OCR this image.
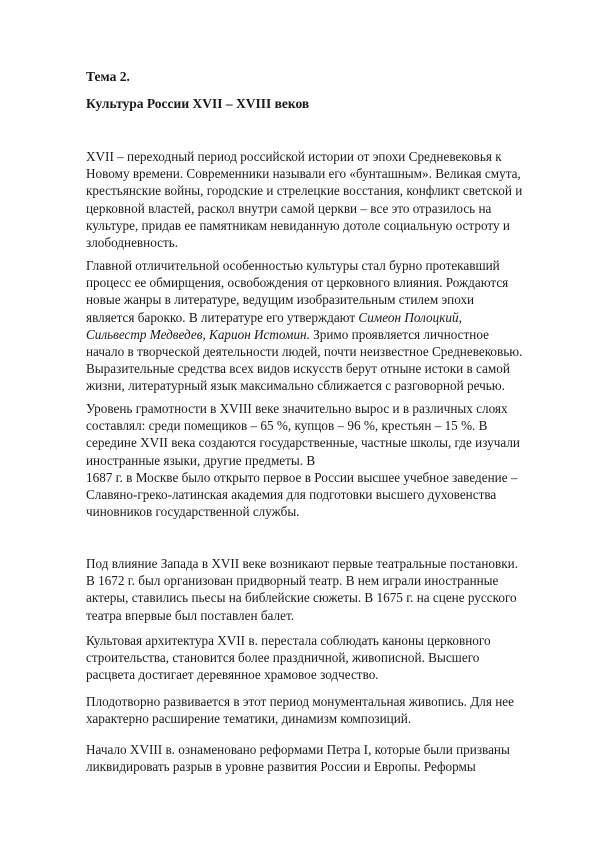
Тема 2.
Культура России XVII – XVIII веков
XVII – переходный период российской истории от эпохи Средневековья к
Новому времени. Современники называли его «бунташным». Великая смута,
крестьянские войны, городские и стрелецкие восстания, конфликт светской и
церковной властей, раскол внутри самой церкви – все это отразилось на
культуре, придав ее памятникам невиданную дотоле социальную остроту и
злободневность.
Главной отличительной особенностью культуры стал бурно протекавший
процесс ее обмирщения, освобождения от церковного влияния. Рождаются
новые жанры в литературе, ведущим изобразительным стилем эпохи
является барокко. В литературе его утверждают Симеон Полоцкий,
Сильвестр Медведев, Карион Истомин. Зримо проявляется личностное
начало в творческой деятельности людей, почти неизвестное Средневековью.
Выразительные средства всех видов искусств берут отныне истоки в самой
жизни, литературный язык максимально сближается с разговорной речью.
Уровень грамотности в XVIII веке значительно вырос и в различных слоях
составлял: среди помещиков – 65 %, купцов – 96 %, крестьян – 15 %. В
середине XVII века создаются государственные, частные школы, где изучали
иностранные языки, другие предметы. В
1687 г. в Москве было открыто первое в России высшее учебное заведение –
Славяно-греко-латинская академия для подготовки высшего духовенства
чиновников государственной службы.
Под влияние Запада в XVII веке возникают первые театральные постановки.
В 1672 г. был организован придворный театр. В нем играли иностранные
актеры, ставились пьесы на библейские сюжеты. В 1675 г. на сцене русского
театра впервые был поставлен балет.
Культовая архитектура XVII в. перестала соблюдать каноны церковного
строительства, становится более праздничной, живописной. Высшего
расцвета достигает деревянное храмовое зодчество.
Плодотворно развивается в этот период монументальная живопись. Для нее
характерно расширение тематики, динамизм композиций.
Начало XVIII в. ознаменовано реформами Петра I, которые были призваны
ликвидировать разрыв в уровне развития России и Европы. Реформы
